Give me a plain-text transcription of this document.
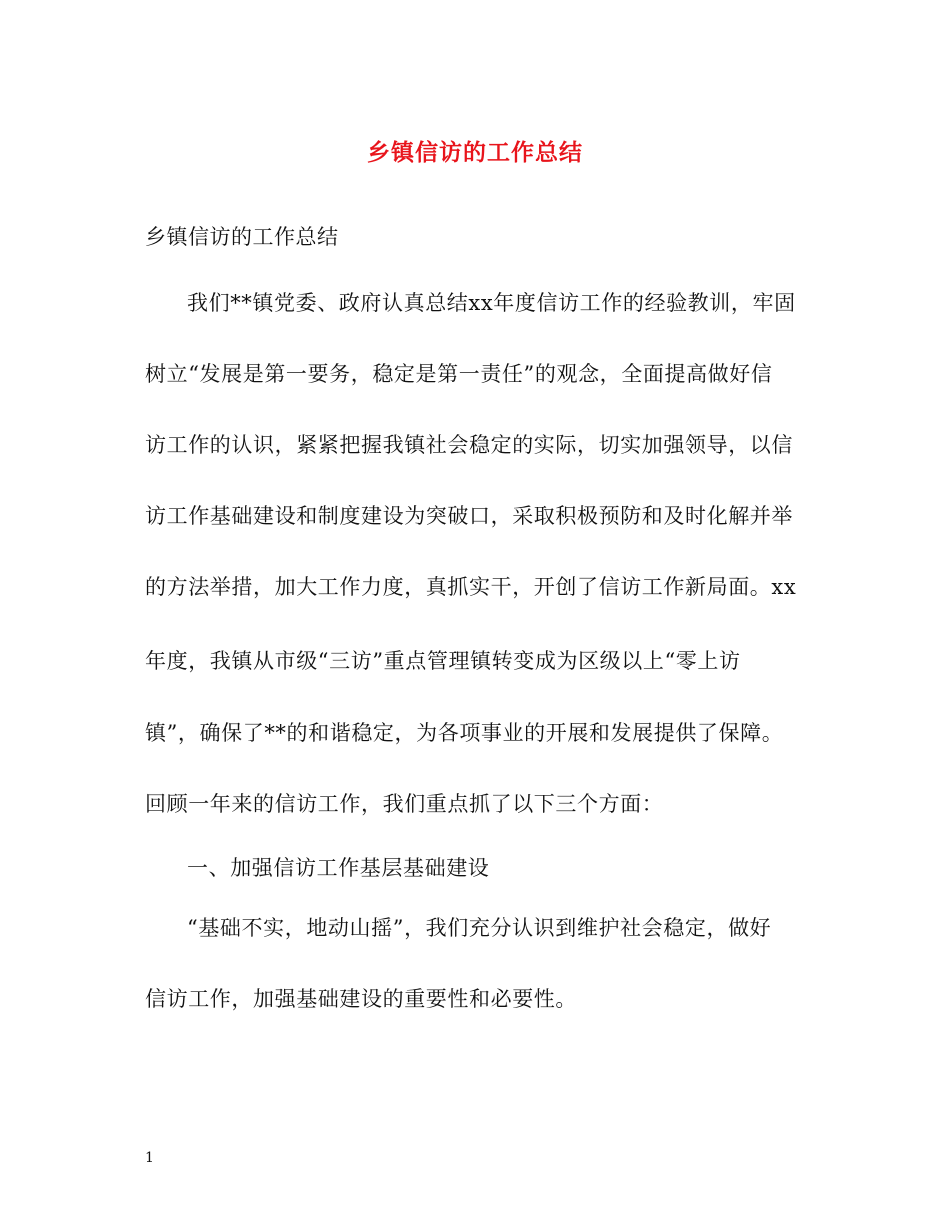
乡镇信访的工作总结
乡镇信访的工作总结
我们**镇党委、政府认真总结xx年度信访工作的经验教训，牢固
树立“发展是第一要务，稳定是第一责任”的观念，全面提高做好信
访工作的认识，紧紧把握我镇社会稳定的实际，切实加强领导，以信
访工作基础建设和制度建设为突破口，采取积极预防和及时化解并举
的方法举措，加大工作力度，真抓实干，开创了信访工作新局面。xx
年度，我镇从市级“三访”重点管理镇转变成为区级以上“零上访
镇”，确保了**的和谐稳定，为各项事业的开展和发展提供了保障。
回顾一年来的信访工作，我们重点抓了以下三个方面：
一、加强信访工作基层基础建设
“基础不实，地动山摇”，我们充分认识到维护社会稳定，做好
信访工作，加强基础建设的重要性和必要性。
1
